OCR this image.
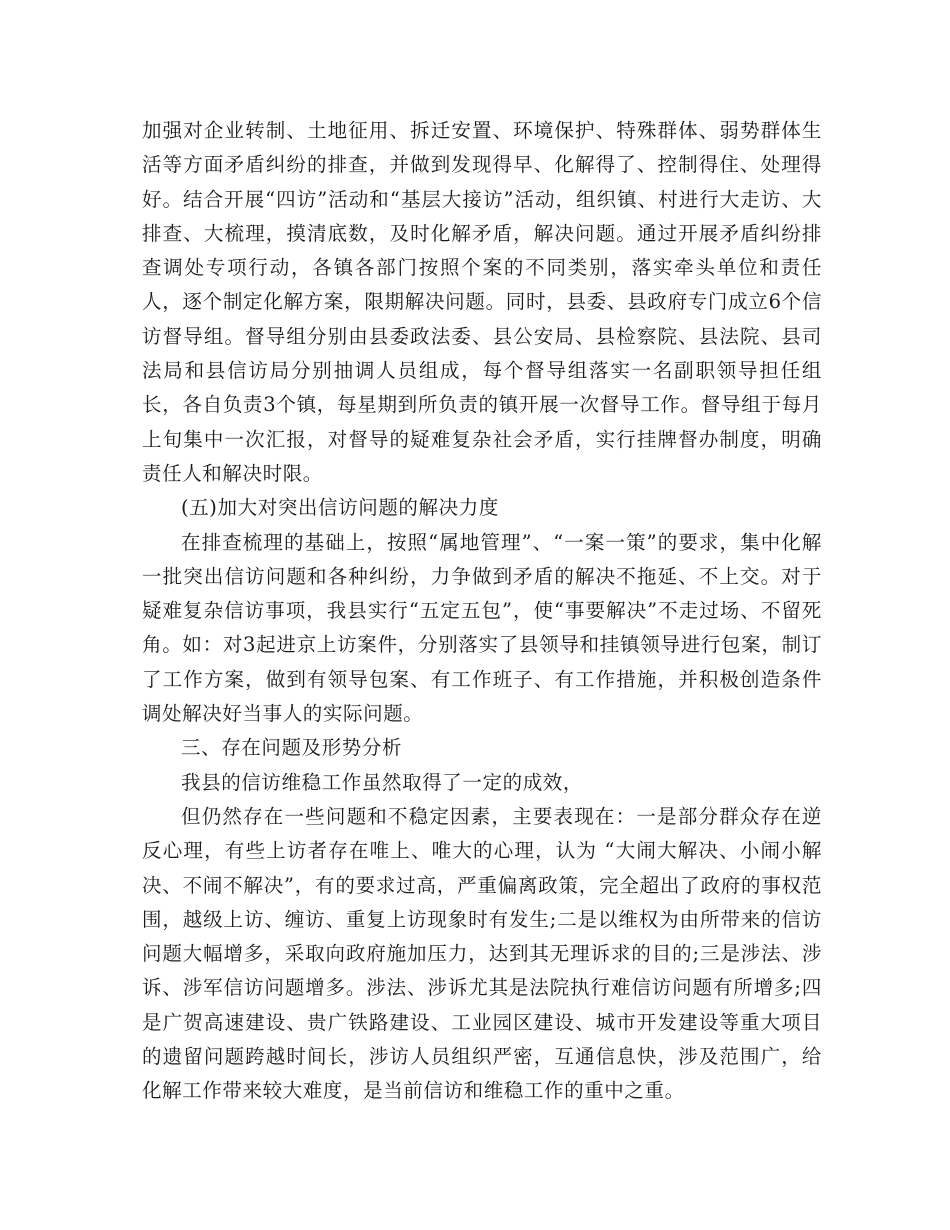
加强对企业转制、土地征用、拆迁安置、环境保护、特殊群体、弱势群体生活等方面矛盾纠纷的排查，并做到发现得早、化解得了、控制得住、处理得好。结合开展“四访”活动和“基层大接访”活动，组织镇、村进行大走访、大排查、大梳理，摸清底数，及时化解矛盾，解决问题。通过开展矛盾纠纷排查调处专项行动，各镇各部门按照个案的不同类别，落实牵头单位和责任人，逐个制定化解方案，限期解决问题。同时，县委、县政府专门成立6个信访督导组。督导组分别由县委政法委、县公安局、县检察院、县法院、县司法局和县信访局分别抽调人员组成，每个督导组落实一名副职领导担任组长，各自负责3个镇，每星期到所负责的镇开展一次督导工作。督导组于每月上旬集中一次汇报，对督导的疑难复杂社会矛盾，实行挂牌督办制度，明确责任人和解决时限。

(五)加大对突出信访问题的解决力度

在排查梳理的基础上，按照“属地管理”、“一案一策”的要求，集中化解一批突出信访问题和各种纠纷，力争做到矛盾的解决不拖延、不上交。对于疑难复杂信访事项，我县实行“五定五包”，使“事要解决”不走过场、不留死角。如：对3起进京上访案件，分别落实了县领导和挂镇领导进行包案，制订了工作方案，做到有领导包案、有工作班子、有工作措施，并积极创造条件调处解决好当事人的实际问题。

三、存在问题及形势分析

我县的信访维稳工作虽然取得了一定的成效，

但仍然存在一些问题和不稳定因素，主要表现在：一是部分群众存在逆反心理，有些上访者存在唯上、唯大的心理，认为 “大闹大解决、小闹小解决、不闹不解决”，有的要求过高，严重偏离政策，完全超出了政府的事权范围，越级上访、缠访、重复上访现象时有发生;二是以维权为由所带来的信访问题大幅增多，采取向政府施加压力，达到其无理诉求的目的;三是涉法、涉诉、涉军信访问题增多。涉法、涉诉尤其是法院执行难信访问题有所增多;四是广贺高速建设、贵广铁路建设、工业园区建设、城市开发建设等重大项目的遗留问题跨越时间长，涉访人员组织严密，互通信息快，涉及范围广，给化解工作带来较大难度，是当前信访和维稳工作的重中之重。
